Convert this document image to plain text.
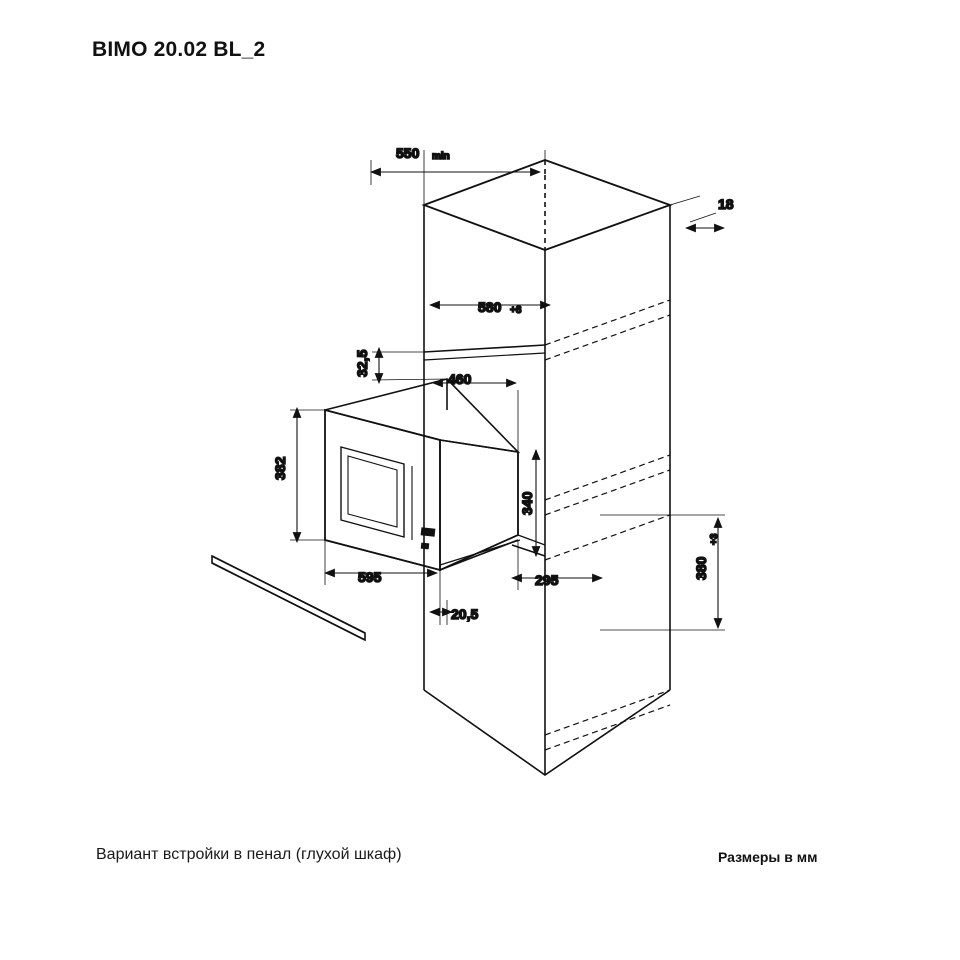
BIMO 20.02 BL_2
550 min
18
580 +8
460
32,5
382
340
380
+3
595
20,5
295
Вариант встройки в пенал (глухой шкаф)	Размеры в мм
